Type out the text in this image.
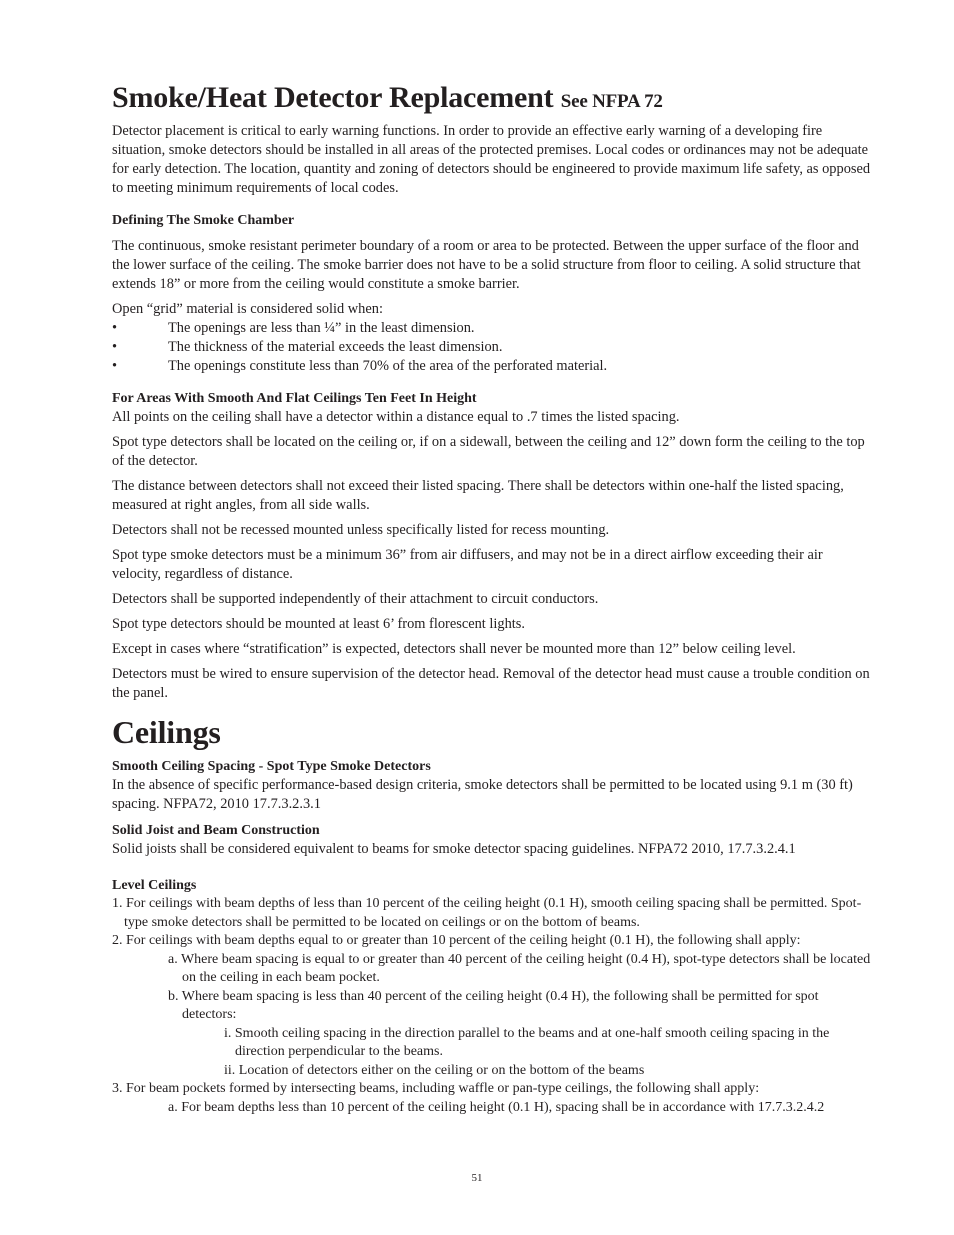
Smoke/Heat Detector Replacement See NFPA 72

Detector placement is critical to early warning functions. In order to provide an effective early warning of a developing fire situation, smoke detectors should be installed in all areas of the protected premises. Local codes or ordinances may not be adequate for early detection. The location, quantity and zoning of detectors should be engineered to provide maximum life safety, as opposed to meeting minimum requirements of local codes.

Defining The Smoke Chamber

The continuous, smoke resistant perimeter boundary of a room or area to be protected. Between the upper surface of the floor and the lower surface of the ceiling. The smoke barrier does not have to be a solid structure from floor to ceiling. A solid structure that extends 18” or more from the ceiling would constitute a smoke barrier.

Open “grid” material is considered solid when:

•	The openings are less than ¼” in the least dimension.
•	The thickness of the material exceeds the least dimension.
•	The openings constitute less than 70% of the area of the perforated material.

For Areas With Smooth And Flat Ceilings Ten Feet In Height

All points on the ceiling shall have a detector within a distance equal to .7 times the listed spacing.

Spot type detectors shall be located on the ceiling or, if on a sidewall, between the ceiling and 12” down form the ceiling to the top of the detector.

The distance between detectors shall not exceed their listed spacing. There shall be detectors within one-half the listed spacing, measured at right angles, from all side walls.

Detectors shall not be recessed mounted unless specifically listed for recess mounting.

Spot type smoke detectors must be a minimum 36” from air diffusers, and may not be in a direct airflow exceeding their air velocity, regardless of distance.

Detectors shall be supported independently of their attachment to circuit conductors.

Spot type detectors should be mounted at least 6’ from florescent lights.

Except in cases where “stratification” is expected, detectors shall never be mounted more than 12” below ceiling level.

Detectors must be wired to ensure supervision of the detector head. Removal of the detector head must cause a trouble condition on the panel.

Ceilings

Smooth Ceiling Spacing - Spot Type Smoke Detectors

In the absence of specific performance-based design criteria, smoke detectors shall be permitted to be located using 9.1 m (30 ft) spacing. NFPA72, 2010 17.7.3.2.3.1

Solid Joist and Beam Construction

Solid joists shall be considered equivalent to beams for smoke detector spacing guidelines. NFPA72 2010, 17.7.3.2.4.1

Level Ceilings

1. For ceilings with beam depths of less than 10 percent of the ceiling height (0.1 H), smooth ceiling spacing shall be permitted. Spot-type smoke detectors shall be permitted to be located on ceilings or on the bottom of beams.

2. For ceilings with beam depths equal to or greater than 10 percent of the ceiling height (0.1 H), the following shall apply:

a. Where beam spacing is equal to or greater than 40 percent of the ceiling height (0.4 H), spot-type detectors shall be located on the ceiling in each beam pocket.

b. Where beam spacing is less than 40 percent of the ceiling height (0.4 H), the following shall be permitted for spot detectors:

i. Smooth ceiling spacing in the direction parallel to the beams and at one-half smooth ceiling spacing in the direction perpendicular to the beams.

ii. Location of detectors either on the ceiling or on the bottom of the beams

3. For beam pockets formed by intersecting beams, including waffle or pan-type ceilings, the following shall apply:

a. For beam depths less than 10 percent of the ceiling height (0.1 H), spacing shall be in accordance with 17.7.3.2.4.2

51
